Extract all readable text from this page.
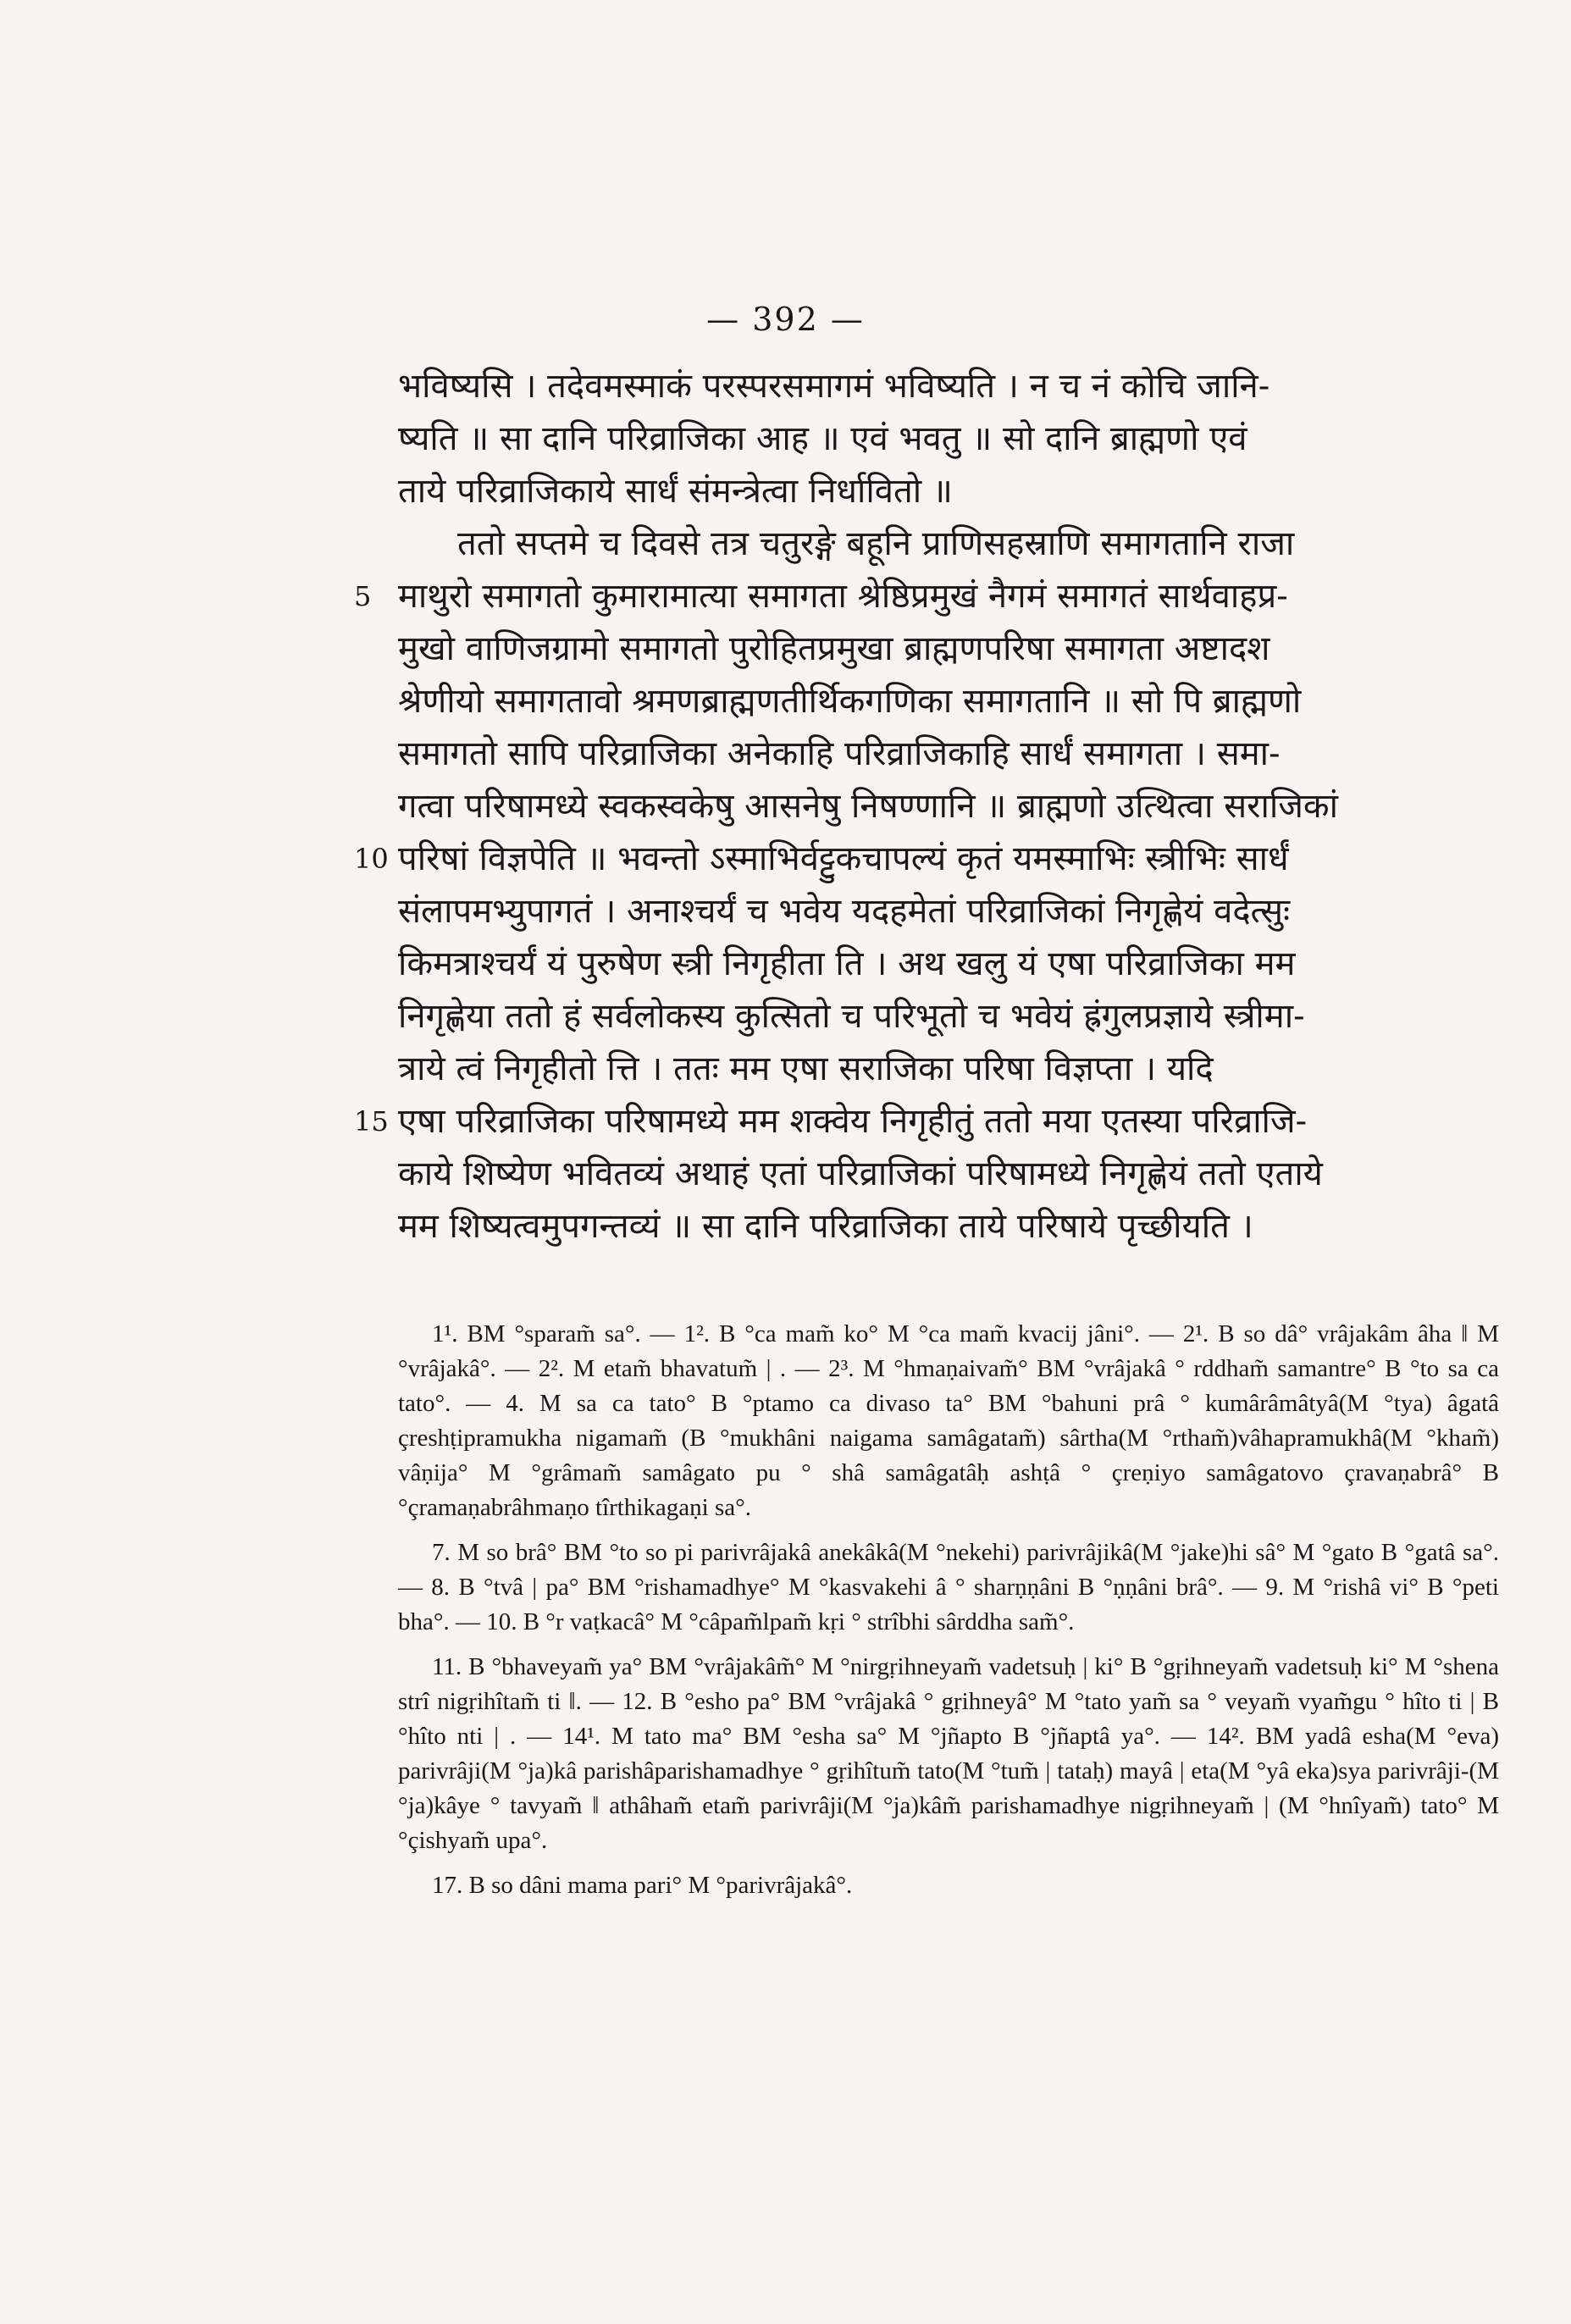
— 392 —
भविष्यसि । तदेवमस्माकं परस्परसमागमं भविष्यति । न च नं कोचि जानि-
ष्यति ॥ सा दानि परिव्राजिका आह ॥ एवं भवतु ॥ सो दानि ब्राह्मणो एवं
ताये परिव्राजिकाये सार्धं संमन्त्रेत्वा निर्धावितो ॥
ततो सप्तमे च दिवसे तत्र चतुरङ्गे बहूनि प्राणिसहस्राणि समागतानि राजा
5 माथुरो समागतो कुमारामात्या समागता श्रेष्ठिप्रमुखं नैगमं समागतं सार्थवाहप्र-
मुखो वाणिजग्रामो समागतो पुरोहितप्रमुखा ब्राह्मणपरिषा समागता अष्टादश
श्रेणीयो समागतावो श्रमणब्राह्मणतीर्थिकगणिका समागतानि ॥ सो पि ब्राह्मणो
समागतो सापि परिव्राजिका अनेकाहि परिव्राजिकाहि सार्धं समागता । समा-
गत्वा परिषामध्ये स्वकस्वकेषु आसनेषु निषण्णानि ॥ ब्राह्मणो उत्थित्वा सराजिकां
10 परिषां विज्ञपेति ॥ भवन्तो ऽस्माभिर्वट्टुकचापल्यं कृतं यमस्माभिः स्त्रीभिः सार्धं
संलापमभ्युपागतं । अनाश्चर्यं च भवेय यदहमेतां परिव्राजिकां निगृह्णेयं वदेत्सुः
किमत्राश्चर्यं यं पुरुषेण स्त्री निगृहीता ति । अथ खलु यं एषा परिव्राजिका मम
निगृह्णेया ततो हं सर्वलोकस्य कुत्सितो च परिभूतो च भवेयं ह्रंगुलप्रज्ञाये स्त्रीमा-
त्राये त्वं निगृहीतो त्ति । ततः मम एषा सराजिका परिषा विज्ञप्ता । यदि
15 एषा परिव्राजिका परिषामध्ये मम शक्वेय निगृहीतुं ततो मया एतस्या परिव्राजि-
काये शिष्येण भवितव्यं अथाहं एतां परिव्राजिकां परिषामध्ये निगृह्णेयं ततो एताये
मम शिष्यत्वमुपगन्तव्यं ॥ सा दानि परिव्राजिका ताये परिषाये पृच्छीयति ।

1¹. BM °sparam̃ sa°. — 1². B °ca mam̃ ko° M °ca mam̃ kvacij jâni°. — 2¹. B so dâ° vrâjakâm âha ‖ M °vrâjakâ°. — 2². M etam̃ bhavatum̃ | . — 2³. M °hmaṇaivam̃° BM °vrâjakâ ° rddham̃ samantre° B °to sa ca tato°. — 4. M sa ca tato° B °ptamo ca divaso ta° BM °bahuni prâ ° kumârâmâtyâ(M °tya) âgatâ çreshṭipramukha nigamam̃ (B °mukhâni naigama samâgatam̃) sârtha(M °rtham̃)vâhapramukhâ(M °kham̃) vâṇija° M °grâmam̃ samâgato pu ° shâ samâgatâḥ ashṭâ ° çreṇiyo samâgatovo çravaṇabrâ° B °çramaṇabrâhmaṇo tîrthikagaṇi sa°.

7. M so brâ° BM °to so pi parivrâjakâ anekâkâ(M °nekehi) parivrâjikâ(M °jake)hi sâ° M °gato B °gatâ sa°. — 8. B °tvâ | pa° BM °rishamadhye° M °kasvakehi â ° sharṇṇâni B °ṇṇâni brâ°. — 9. M °rishâ vi° B °peti bha°. — 10. B °r vaṭkacâ° M °câpam̃lpam̃ kṛi ° strîbhi sârddha sam̃°.

11. B °bhaveyam̃ ya° BM °vrâjakâm̃° M °nirgṛihneyam̃ vadetsuḥ | ki° B °gṛihneyam̃ vadetsuḥ ki° M °shena strî nigṛihîtam̃ ti ‖. — 12. B °esho pa° BM °vrâjakâ ° gṛihneyâ° M °tato yam̃ sa ° veyam̃ vyam̃gu ° hîto ti | B °hîto nti | . — 14¹. M tato ma° BM °esha sa° M °jñapto B °jñaptâ ya°. — 14². BM yadâ esha(M °eva) parivrâji(M °ja)kâ parishâparishamadhye ° gṛihîtum̃ tato(M °tum̃ | tataḥ) mayâ | eta(M °yâ eka)sya parivrâji-(M °ja)kâye ° tavyam̃ ‖ athâham̃ etam̃ parivrâji(M °ja)kâm̃ parishamadhye nigṛihneyam̃ | (M °hnîyam̃) tato° M °çishyam̃ upa°.

17. B so dâni mama pari° M °parivrâjakâ°.
